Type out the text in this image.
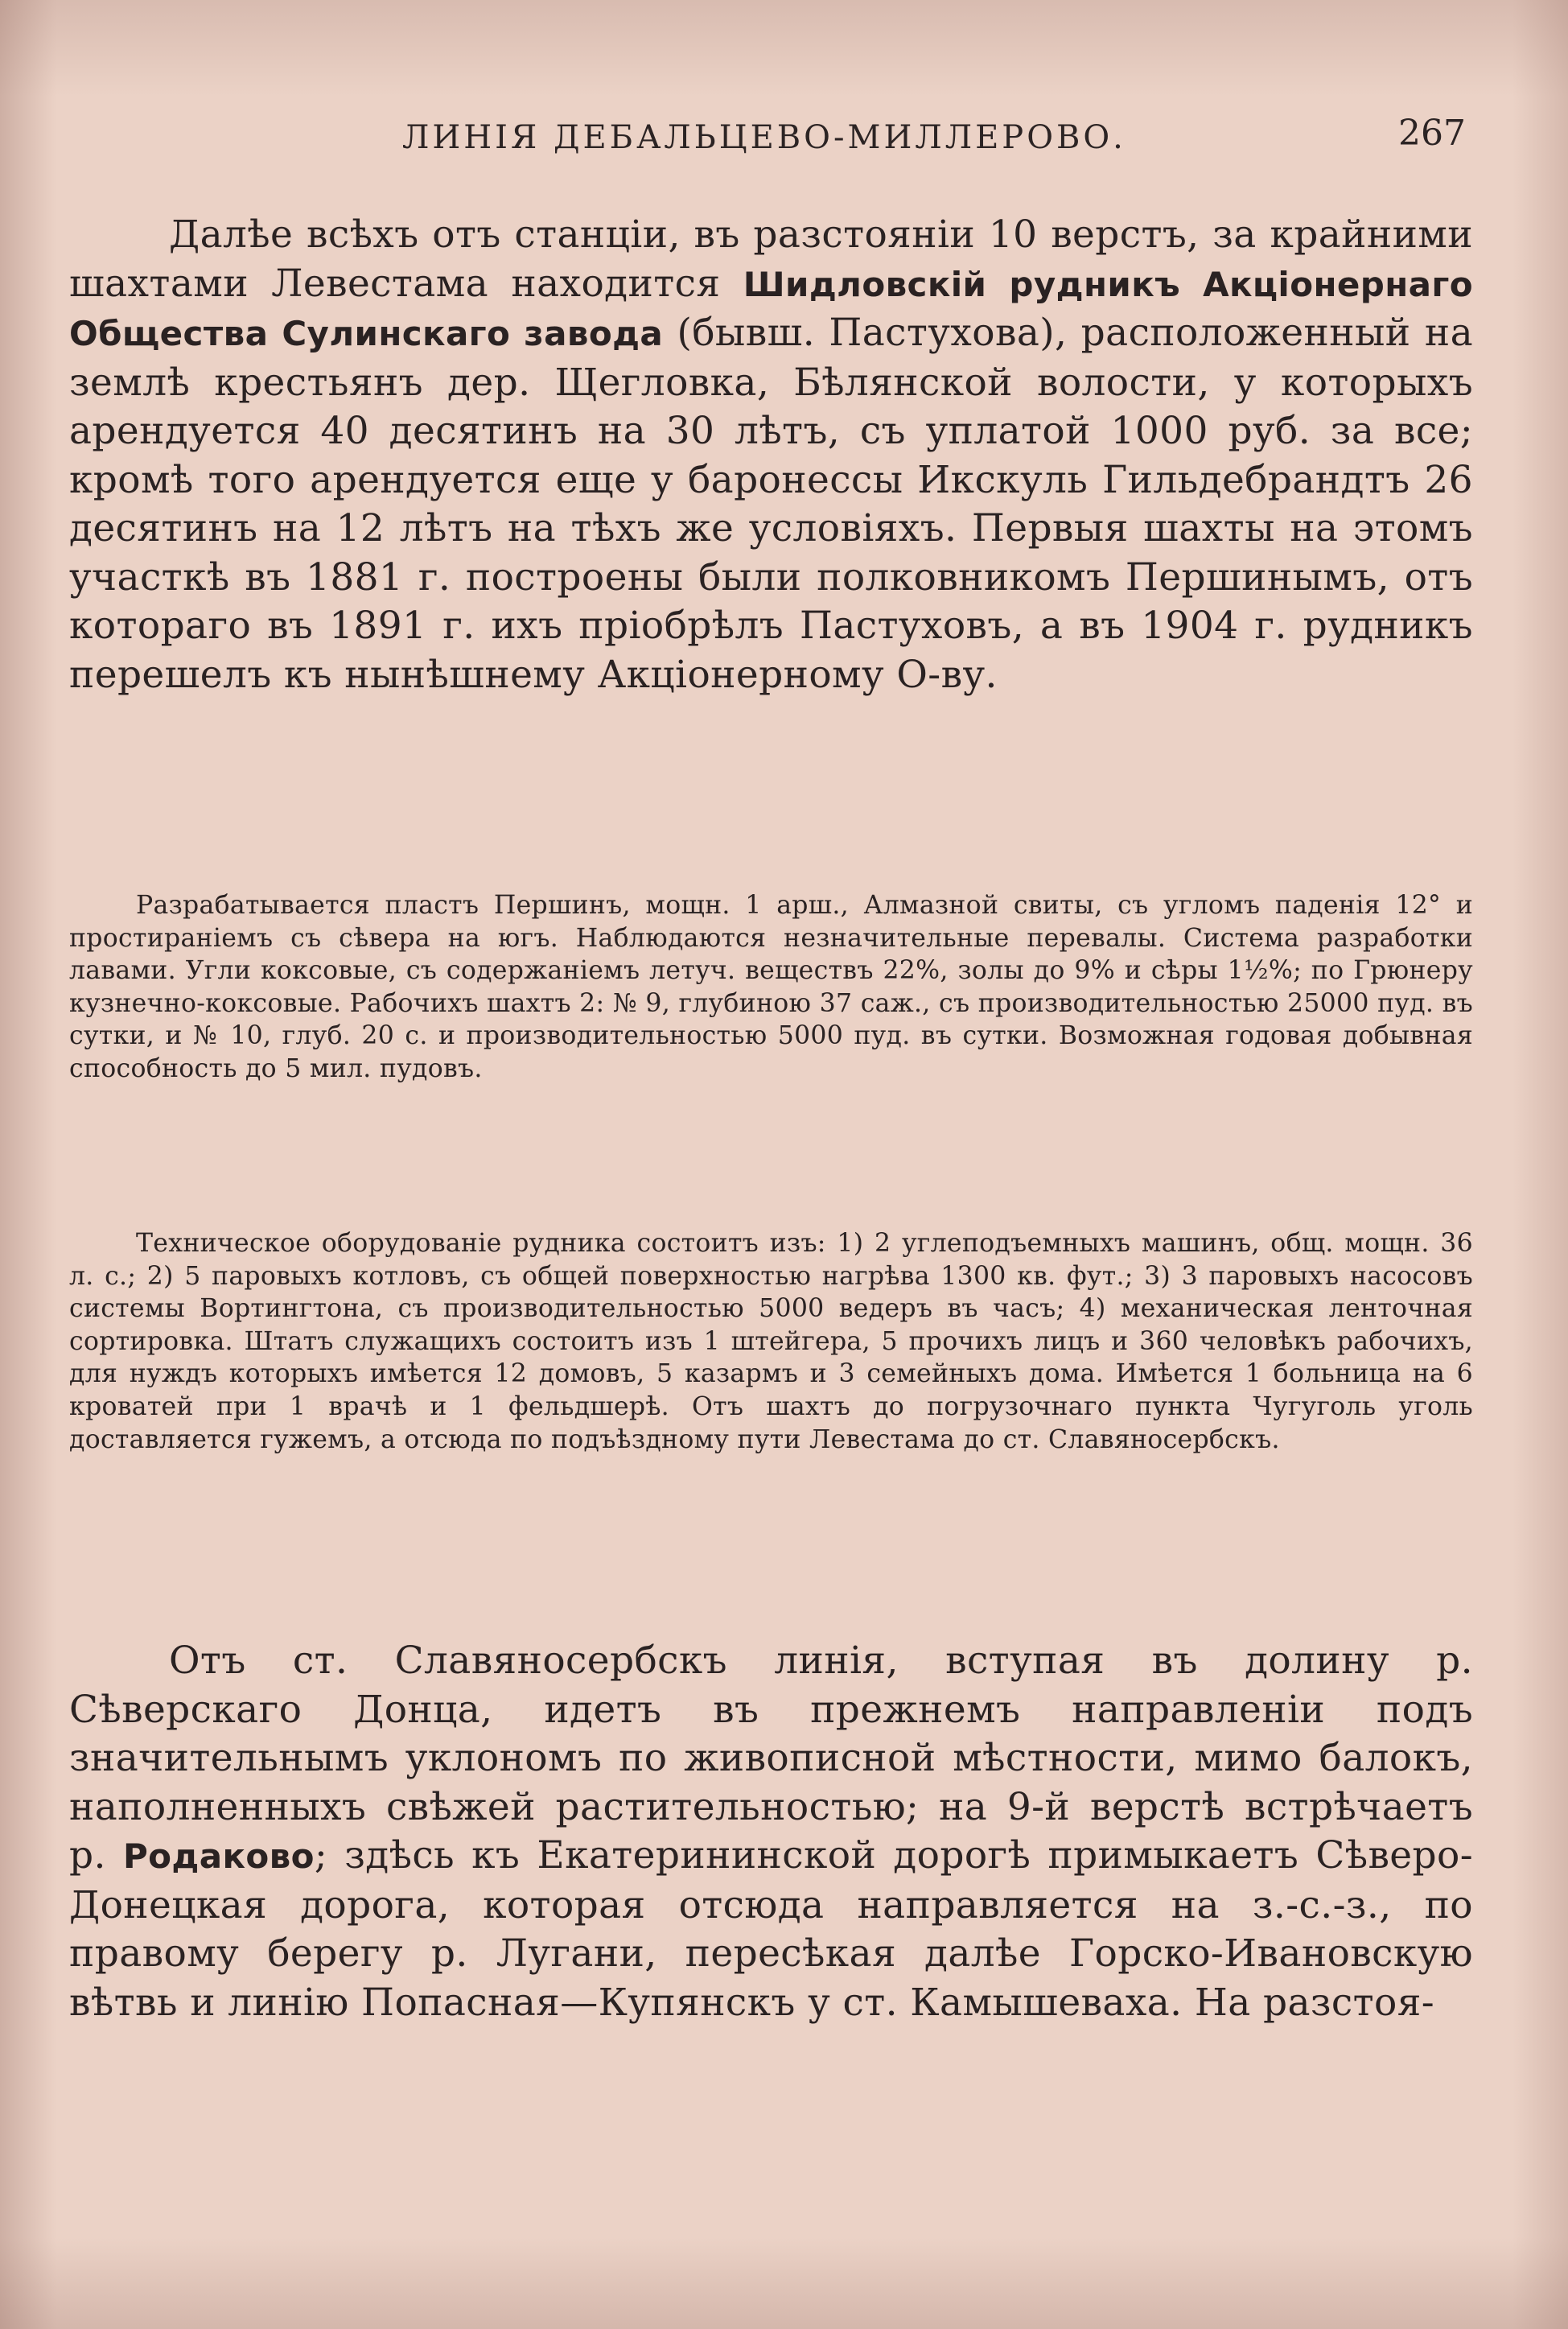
ЛИНІЯ ДЕБАЛЬЦЕВО-МИЛЛЕРОВО.	267
Далѣе всѣхъ отъ станціи, въ разстояніи 10 верстъ, за крайними шахтами Левестама находится Шидловскій рудникъ Акціонернаго Общества Сулинскаго завода (бывш. Пастухова), расположенный на землѣ крестьянъ дер. Щегловка, Бѣлянской волости, у которыхъ арендуется 40 десятинъ на 30 лѣтъ, съ уплатой 1000 руб. за все; кромѣ того арендуется еще у баронессы Икскуль Гильдебрандтъ 26 десятинъ на 12 лѣтъ на тѣхъ же условіяхъ. Первыя шахты на этомъ участкѣ въ 1881 г. построены были полковникомъ Першинымъ, отъ котораго въ 1891 г. ихъ пріобрѣлъ Пастуховъ, а въ 1904 г. рудникъ перешелъ къ нынѣшнему Акціонерному О-ву.
Разрабатывается пластъ Першинъ, мощн. 1 арш., Алмазной свиты, съ угломъ паденія 12° и простираніемъ съ сѣвера на югъ. Наблюдаются незначительные перевалы. Система разработки лавами. Угли коксовые, съ содержаніемъ летуч. веществъ 22%, золы до 9% и сѣры 1½%; по Грюнеру кузнечно-коксовые. Рабочихъ шахтъ 2: № 9, глубиною 37 саж., съ производительностью 25000 пуд. въ сутки, и № 10, глуб. 20 с. и производительностью 5000 пуд. въ сутки. Возможная годовая добывная способность до 5 мил. пудовъ.
Техническое оборудованіе рудника состоитъ изъ: 1) 2 углеподъемныхъ машинъ, общ. мощн. 36 л. с.; 2) 5 паровыхъ котловъ, съ общей поверхностью нагрѣва 1300 кв. фут.; 3) 3 паровыхъ насосовъ системы Вортингтона, съ производительностью 5000 ведеръ въ часъ; 4) механическая ленточная сортировка. Штатъ служащихъ состоитъ изъ 1 штейгера, 5 прочихъ лицъ и 360 человѣкъ рабочихъ, для нуждъ которыхъ имѣется 12 домовъ, 5 казармъ и 3 семейныхъ дома. Имѣется 1 больница на 6 кроватей при 1 врачѣ и 1 фельдшерѣ. Отъ шахтъ до погрузочнаго пункта Чугуголь уголь доставляется гужемъ, а отсюда по подъѣздному пути Левестама до ст. Славяносербскъ.
Отъ ст. Славяносербскъ линія, вступая въ долину р. Сѣверскаго Донца, идетъ въ прежнемъ направленіи подъ значительнымъ уклономъ по живописной мѣстности, мимо балокъ, наполненныхъ свѣжей растительностью; на 9-й верстѣ встрѣчаетъ р. Родаково; здѣсь къ Екатерининской дорогѣ примыкаетъ Сѣверо-Донецкая дорога, которая отсюда направляется на з.-с.-з., по правому берегу р. Лугани, пересѣкая далѣе Горско-Ивановскую вѣтвь и линію Попасная—Купянскъ у ст. Камышеваха. На разстоя-
